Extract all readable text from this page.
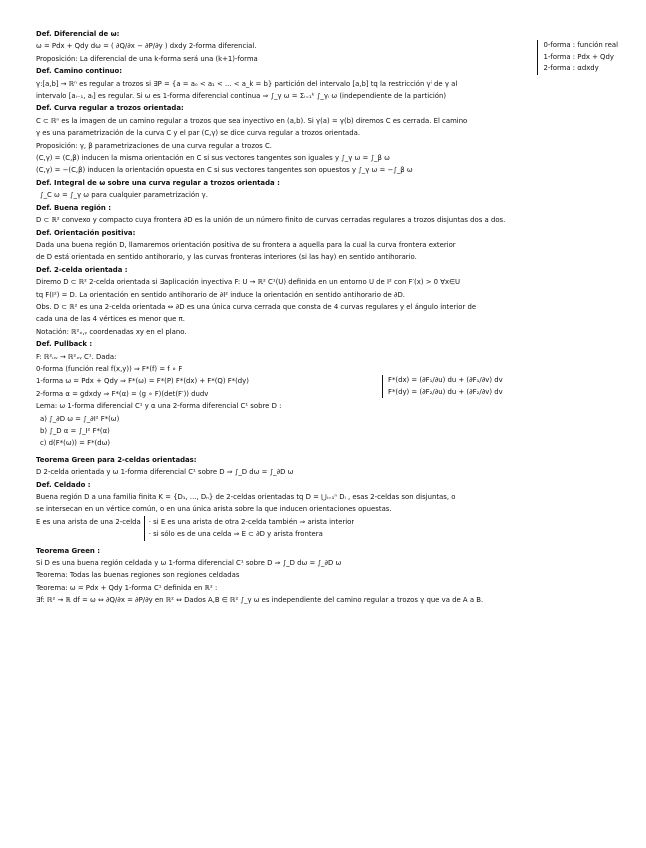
Def. Diferencial de ω:
ω = Pdx + Qdy dω = ( ∂Q/∂x − ∂P/∂y ) dxdy 2-forma diferencial.
Proposición: La diferencial de una k-forma será una (k+1)-forma
Def. Camino continuo:
0-forma : función real
1-forma : Pdx + Qdy
2-forma : αdxdy
γ:[a,b] → ℝⁿ es regular a trozos si ∃P = {a = a₀ < a₁ < ... < a_k = b} partición del intervalo [a,b] tq la restricción γⁱ de γ al
intervalo [aᵢ₋₁, aᵢ] es regular. Si ω es 1-forma diferencial continua ⇒ ∫_γ ω = Σᵢ₌₁ᵏ ∫_γᵢ ω (independiente de la partición)
Def. Curva regular a trozos orientada:
C ⊂ ℝⁿ es la imagen de un camino regular a trozos que sea inyectivo en (a,b). Si γ(a) = γ(b) diremos C es cerrada. El camino
γ es una parametrización de la curva C y el par (C,γ) se dice curva regular a trozos orientada.
Proposición: γ, β parametrizaciones de una curva regular a trozos C.
(C,γ) = (C,β) inducen la misma orientación en C si sus vectores tangentes son iguales y ∫_γ ω = ∫_β ω
(C,γ) = −(C,β) inducen la orientación opuesta en C si sus vectores tangentes son opuestos y ∫_γ ω = −∫_β ω
Def. Integral de ω sobre una curva regular a trozos orientada :
∫_C ω = ∫_γ ω para cualquier parametrización γ.
Def. Buena región :
D ⊂ ℝ² convexo y compacto cuya frontera ∂D es la unión de un número finito de curvas cerradas regulares a trozos disjuntas dos a dos.
Def. Orientación positiva:
Dada una buena región D, llamaremos orientación positiva de su frontera a aquella para la cual la curva frontera exterior
de D está orientada en sentido antihorario, y las curvas fronteras interiores (si las hay) en sentido antihorario.
Def. 2-celda orientada :
Diremo D ⊂ ℝ² 2-celda orientada si ∃aplicación inyectiva F: U → ℝ² C¹(U) definida en un entorno U de I² con F′(x) > 0 ∀x∈U
tq F(I²) = D. La orientación en sentido antihorario de ∂I² induce la orientación en sentido antihorario de ∂D.
Obs. D ⊂ ℝ² es una 2-celda orientada ⇔ ∂D es una única curva cerrada que consta de 4 curvas regulares y el ángulo interior de
cada una de las 4 vértices es menor que π.
Notación: ℝ²ₓ,ᵧ coordenadas xy en el plano.
Def. Pullback :
F: ℝ²ᵤᵥ → ℝ²ₓᵧ C¹. Dada:
0-forma (función real f(x,y)) ⇒ F*(f) = f ∘ F
1-forma ω = Pdx + Qdy ⇒ F*(ω) = F*(P) F*(dx) + F*(Q) F*(dy)
2-forma α = gdxdy ⇒ F*(α) = (g ∘ F)(det(F′)) dudv
F*(dx) = (∂F₁/∂u) du + (∂F₁/∂v) dv
F*(dy) = (∂F₂/∂u) du + (∂F₂/∂v) dv
Lema: ω 1-forma diferencial C¹ y α una 2-forma diferencial C¹ sobre D :
a) ∫_∂D ω = ∫_∂I² F*(ω)
b) ∫_D α = ∫_I² F*(α)
c) d(F*(ω)) = F*(dω)
Teorema Green para 2-celdas orientadas:
D 2-celda orientada y ω 1-forma diferencial C¹ sobre D ⇒ ∫_D dω = ∫_∂D ω
Def. Celdado :
Buena región D a una familia finita K = {D₁, ..., Dₙ} de 2-celdas orientadas tq D = ⋃ᵢ₌₁ⁿ Dᵢ , esas 2-celdas son disjuntas, o
se intersecan en un vértice común, o en una única arista sobre la que inducen orientaciones opuestas.
E es una arista de una 2-celda	· si E es una arista de otra 2-celda también ⇒ arista interior
· si sólo es de una celda ⇒ E ⊂ ∂D y arista frontera
Teorema Green :
Si D es una buena región celdada y ω 1-forma diferencial C¹ sobre D ⇒ ∫_D dω = ∫_∂D ω
Teorema: Todas las buenas regiones son regiones celdadas
Teorema: ω = Pdx + Qdy 1-forma C¹ definida en ℝ² :
∃f: ℝ² → ℝ df = ω ⇔ ∂Q/∂x = ∂P/∂y en ℝ² ⇔ Dados A,B ∈ ℝ² ∫_γ ω es independiente del camino regular a trozos γ que va de A a B.
